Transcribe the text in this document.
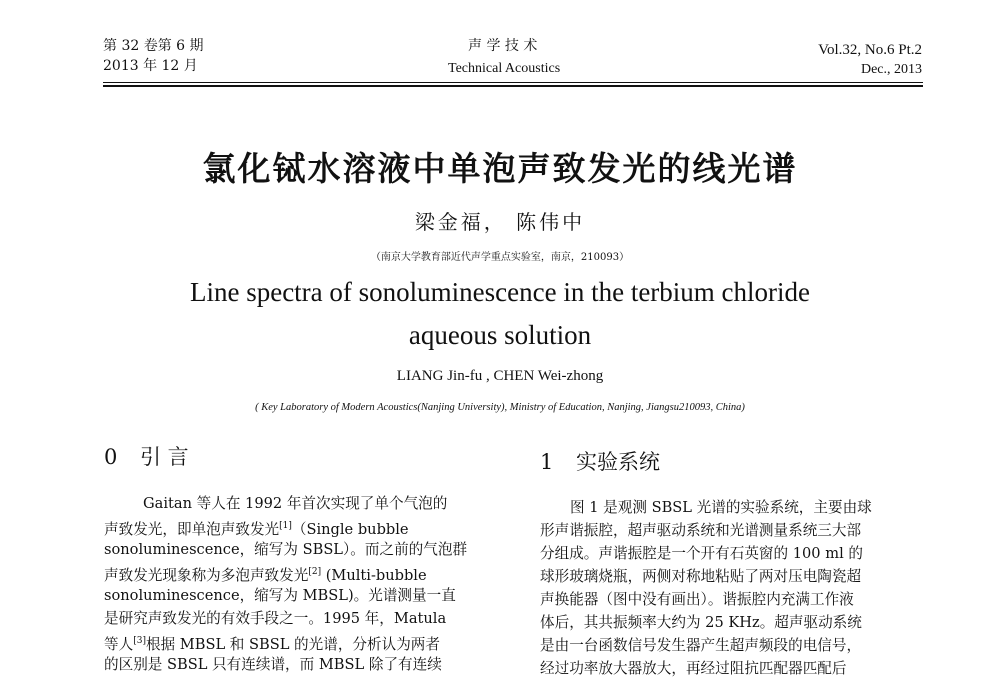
第 32 卷第 6 期
2013 年 12 月
声 学 技 术
Technical Acoustics
Vol.32, No.6 Pt.2
Dec., 2013
氯化铽水溶液中单泡声致发光的线光谱
梁金福， 陈伟中
（南京大学教育部近代声学重点实验室，南京，210093）
Line spectra of sonoluminescence in the terbium chloride
aqueous solution
LIANG Jin-fu , CHEN Wei-zhong
( Key Laboratory of Modern Acoustics(Nanjing University), Ministry of Education, Nanjing, Jiangsu210093, China)
0 引 言	1 实验系统
Gaitan 等人在 1992 年首次实现了单个气泡的
声致发光，即单泡声致发光[1]（Single bubble
sonoluminescence，缩写为 SBSL）。而之前的气泡群
声致发光现象称为多泡声致发光[2] (Multi-bubble
sonoluminescence，缩写为 MBSL)。光谱测量一直
是研究声致发光的有效手段之一。1995 年，Matula
等人[3]根据 MBSL 和 SBSL 的光谱，分析认为两者
的区别是 SBSL 只有连续谱，而 MBSL 除了有连续
图 1 是观测 SBSL 光谱的实验系统，主要由球
形声谐振腔，超声驱动系统和光谱测量系统三大部
分组成。声谐振腔是一个开有石英窗的 100 ml 的
球形玻璃烧瓶，两侧对称地粘贴了两对压电陶瓷超
声换能器（图中没有画出）。谐振腔内充满工作液
体后，其共振频率大约为 25 KHz。超声驱动系统
是由一台函数信号发生器产生超声频段的电信号，
经过功率放大器放大，再经过阻抗匹配器匹配后
